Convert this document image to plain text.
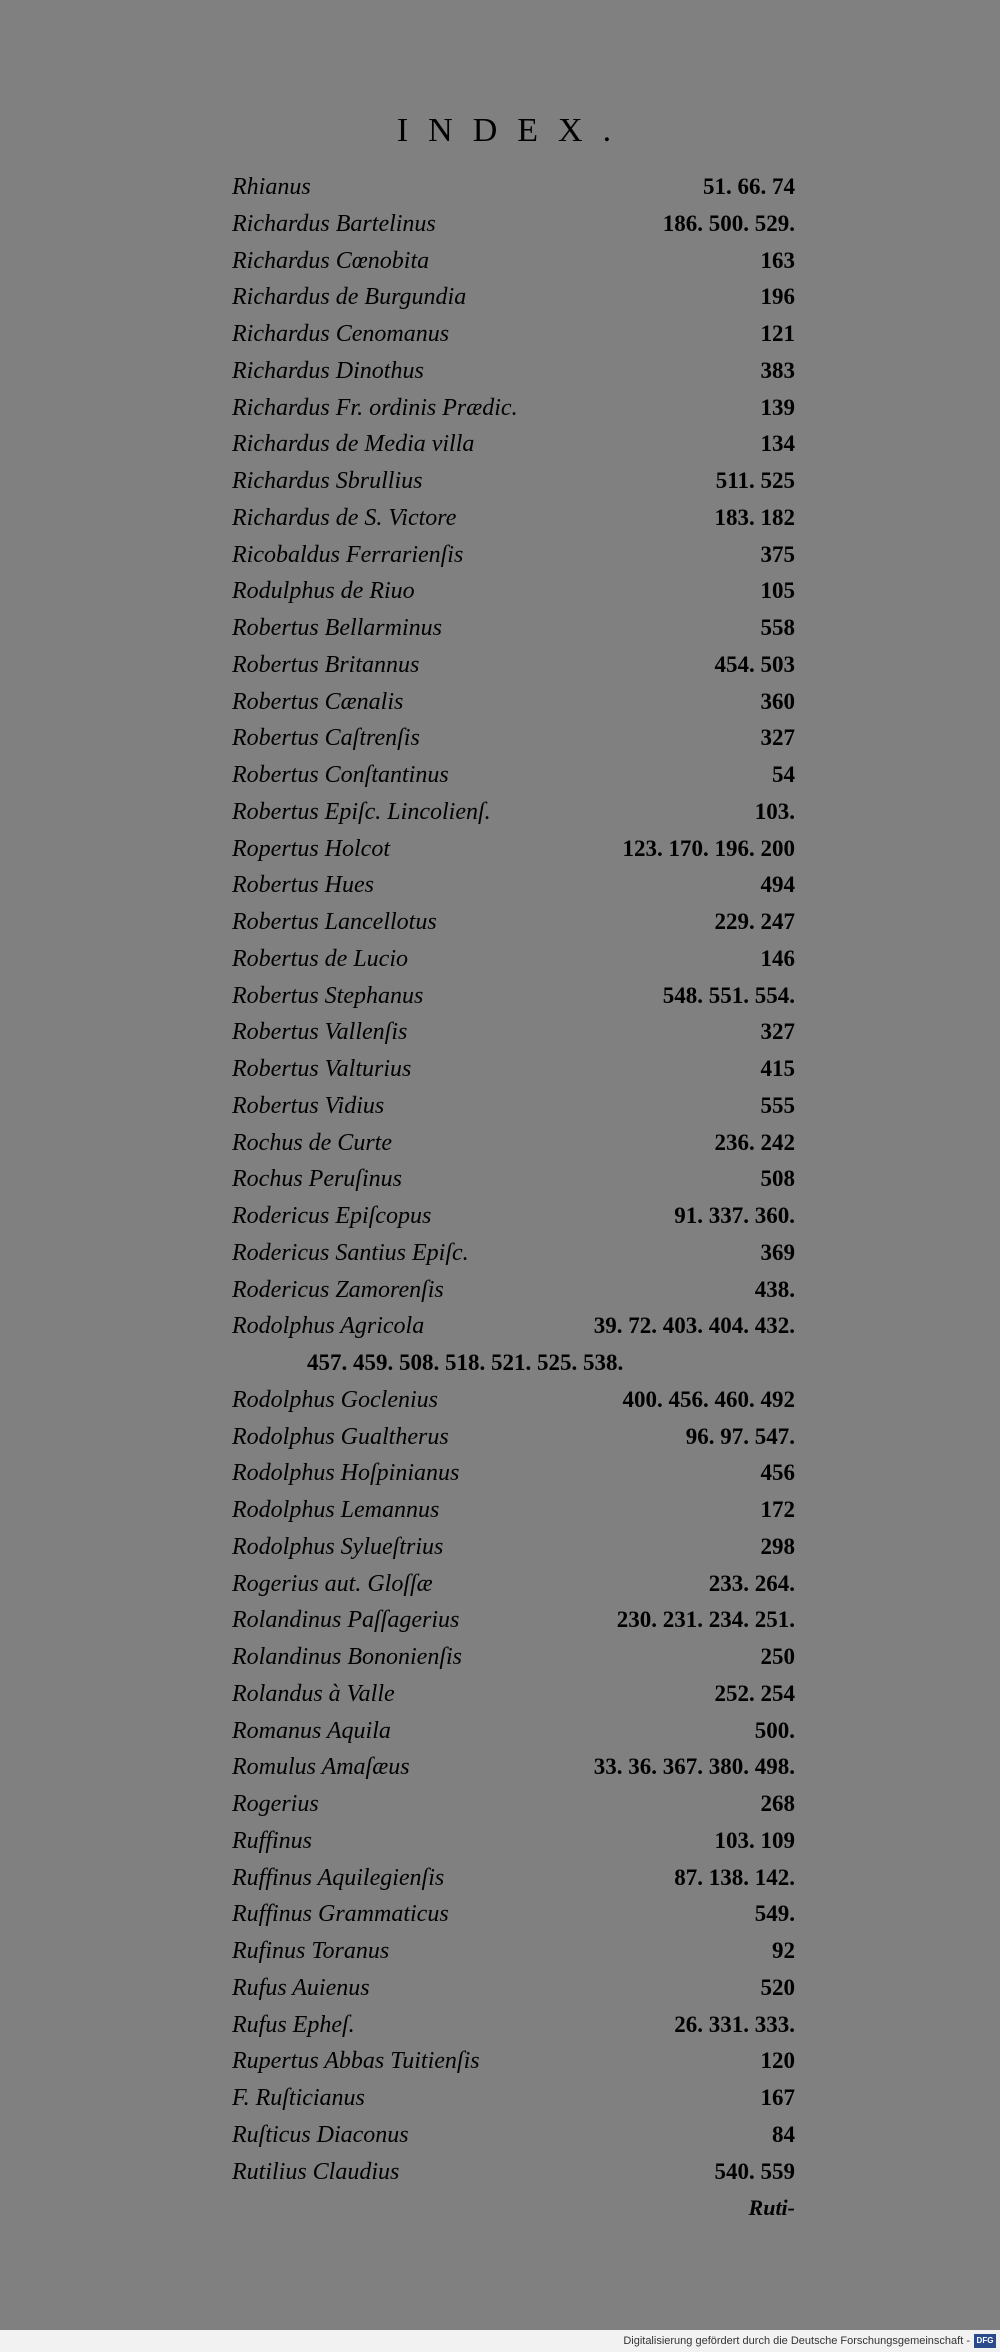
INDEX.
Rhianus	51. 66. 74
Richardus Bartelinus	186. 500. 529.
Richardus Cœnobita	163
Richardus de Burgundia	196
Richardus Cenomanus	121
Richardus Dinothus	383
Richardus Fr. ordinis Prædic.	139
Richardus de Media villa	134
Richardus Sbrullius	511. 525
Richardus de S. Victore	183. 182
Ricobaldus Ferrarienſis	375
Rodulphus de Riuo	105
Robertus Bellarminus	558
Robertus Britannus	454. 503
Robertus Cænalis	360
Robertus Caſtrenſis	327
Robertus Conſtantinus	54
Robertus Epiſc. Lincolienſ.	103.
Ropertus Holcot	123. 170. 196. 200
Robertus Hues	494
Robertus Lancellotus	229. 247
Robertus de Lucio	146
Robertus Stephanus	548. 551. 554.
Robertus Vallenſis	327
Robertus Valturius	415
Robertus Vidius	555
Rochus de Curte	236. 242
Rochus Peruſinus	508
Rodericus Epiſcopus	91. 337. 360.
Rodericus Santius Epiſc.	369
Rodericus Zamorenſis	438.
Rodolphus Agricola	39. 72. 403. 404. 432.
457. 459. 508. 518. 521. 525. 538.
Rodolphus Goclenius	400. 456. 460. 492
Rodolphus Gualtherus	96. 97. 547.
Rodolphus Hoſpinianus	456
Rodolphus Lemannus	172
Rodolphus Sylueſtrius	298
Rogerius aut. Gloſſæ	233. 264.
Rolandinus Paſſagerius	230. 231. 234. 251.
Rolandinus Bononienſis	250
Rolandus à Valle	252. 254
Romanus Aquila	500.
Romulus Amaſæus	33. 36. 367. 380. 498.
Rogerius	268
Ruffinus	103. 109
Ruffinus Aquilegienſis	87. 138. 142.
Ruffinus Grammaticus	549.
Rufinus Toranus	92
Rufus Auienus	520
Rufus Epheſ.	26. 331. 333.
Rupertus Abbas Tuitienſis	120
F. Ruſticianus	167
Ruſticus Diaconus	84
Rutilius Claudius	540. 559
Ruti-
Digitalisierung gefördert durch die Deutsche Forschungsgemeinschaft - DFG
